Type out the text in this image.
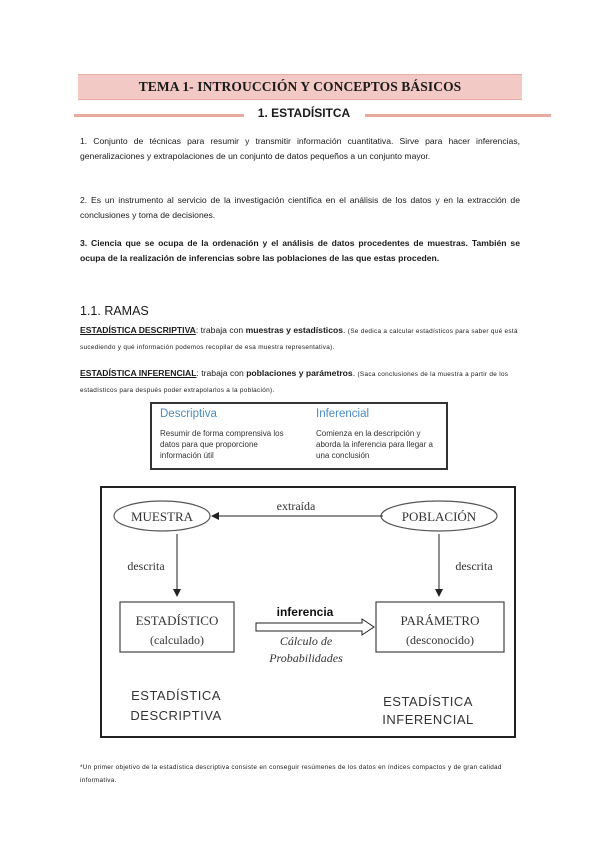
TEMA 1- INTROUCCIÓN Y CONCEPTOS BÁSICOS
1. ESTADÍSITCA
1. Conjunto de técnicas para resumir y transmitir información cuantitativa. Sirve para hacer inferencias, generalizaciones y extrapolaciones de un conjunto de datos pequeños a un conjunto mayor.
2. Es un instrumento al servicio de la investigación científica en el análisis de los datos y en la extracción de conclusiones y toma de decisiones.
3. Ciencia que se ocupa de la ordenación y el análisis de datos procedentes de muestras. También se ocupa de la realización de inferencias sobre las poblaciones de las que estas proceden.
1.1. RAMAS
ESTADÍSTICA DESCRIPTIVA: trabaja con muestras y estadísticos. (Se dedica a calcular estadísticos para saber qué está sucediendo y qué información podemos recopilar de esa muestra representativa).
ESTADÍSTICA INFERENCIAL: trabaja con poblaciones y parámetros. (Saca conclusiones de la muestra a partir de los estadísticos para después poder extrapolarlos a la población).
Descriptiva
Resumir de forma comprensiva los datos para que proporcione información útil
Inferencial
Comienza en la descripción y aborda la inferencia para llegar a una conclusión
MUESTRA	POBLACIÓN
extraída
descrita	descrita
ESTADÍSTICO
(calculado)
PARÁMETRO
(desconocido)
inferencia
Cálculo de
Probabilidades
ESTADÍSTICA
DESCRIPTIVA
ESTADÍSTICA
INFERENCIAL
*Un primer objetivo de la estadística descriptiva consiste en conseguir resúmenes de los datos en índices compactos y de gran calidad informativa.
